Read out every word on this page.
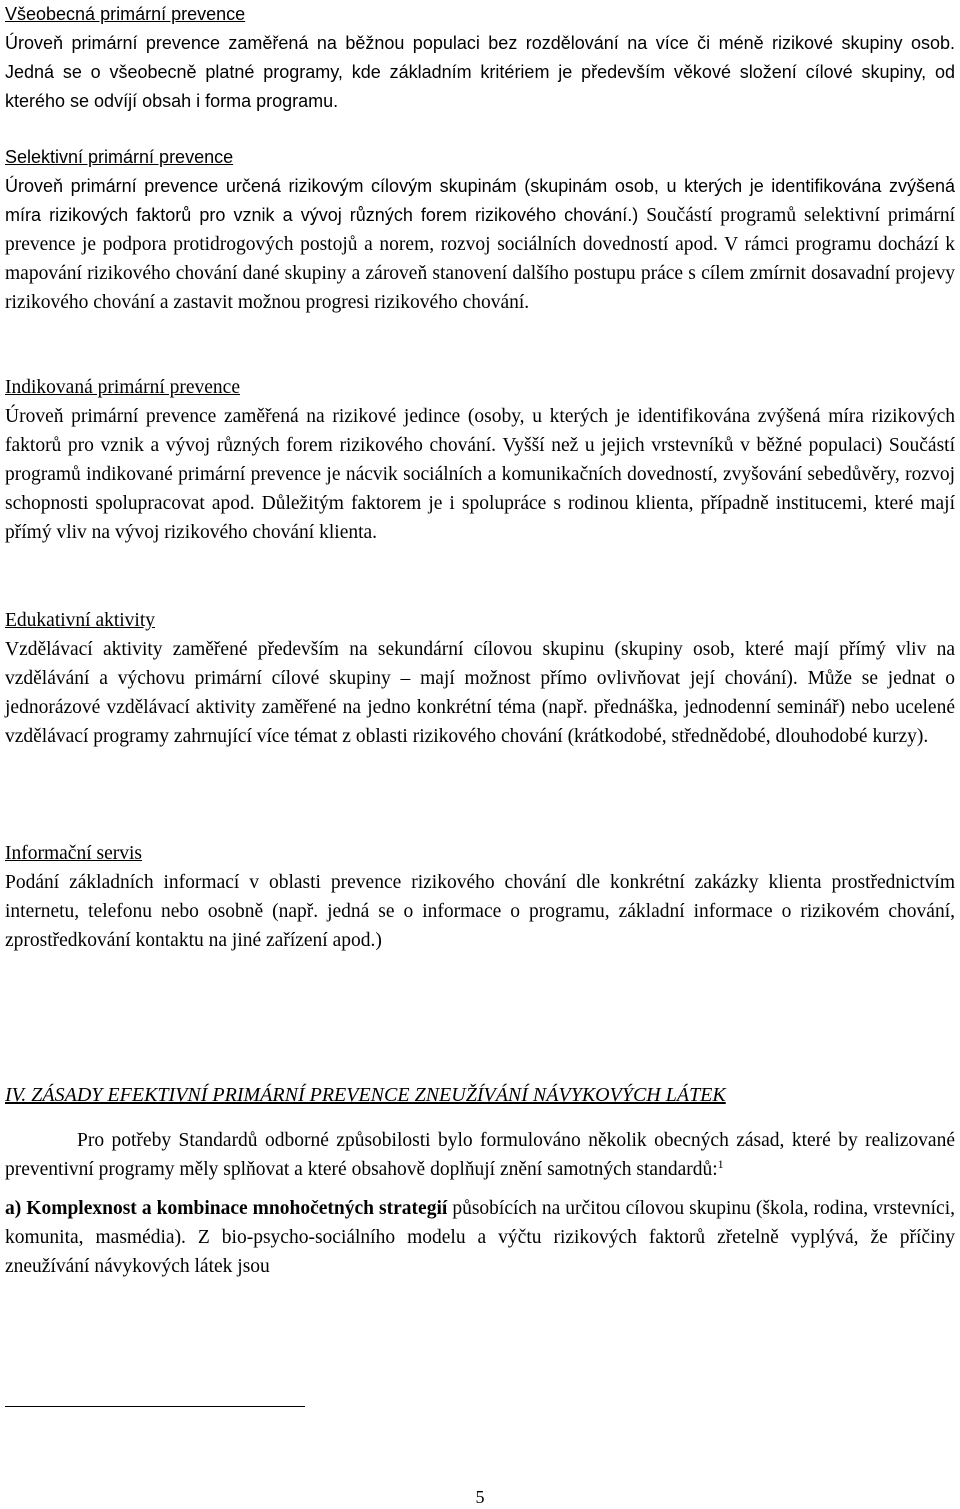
Všeobecná primární prevence

Úroveň primární prevence zaměřená na běžnou populaci bez rozdělování na více či méně rizikové skupiny osob. Jedná se o všeobecně platné programy, kde základním kritériem je především věkové složení cílové skupiny, od kterého se odvíjí obsah i forma programu.

Selektivní primární prevence

Úroveň primární prevence určená rizikovým cílovým skupinám (skupinám osob, u kterých je identifikována zvýšená míra rizikových faktorů pro vznik a vývoj různých forem rizikového chování.) Součástí programů selektivní primární prevence je podpora protidrogových postojů a norem, rozvoj sociálních dovedností apod. V rámci programu dochází k mapování rizikového chování dané skupiny a zároveň stanovení dalšího postupu práce s cílem zmírnit dosavadní projevy rizikového chování a zastavit možnou progresi rizikového chování.

Indikovaná primární prevence

Úroveň primární prevence zaměřená na rizikové jedince (osoby, u kterých je identifikována zvýšená míra rizikových faktorů pro vznik a vývoj různých forem rizikového chování. Vyšší než u jejich vrstevníků v běžné populaci) Součástí programů indikované primární prevence je nácvik sociálních a komunikačních dovedností, zvyšování sebedůvěry, rozvoj schopnosti spolupracovat apod. Důležitým faktorem je i spolupráce s rodinou klienta, případně institucemi, které mají přímý vliv na vývoj rizikového chování klienta.

Edukativní aktivity

Vzdělávací aktivity zaměřené především na sekundární cílovou skupinu (skupiny osob, které mají přímý vliv na vzdělávání a výchovu primární cílové skupiny – mají možnost přímo ovlivňovat její chování). Může se jednat o jednorázové vzdělávací aktivity zaměřené na jedno konkrétní téma (např. přednáška, jednodenní seminář) nebo ucelené vzdělávací programy zahrnující více témat z oblasti rizikového chování (krátkodobé, střednědobé, dlouhodobé kurzy).

Informační servis

Podání základních informací v oblasti prevence rizikového chování dle konkrétní zakázky klienta prostřednictvím internetu, telefonu nebo osobně (např. jedná se o informace o programu, základní informace o rizikovém chování, zprostředkování kontaktu na jiné zařízení apod.)

IV. ZÁSADY EFEKTIVNÍ PRIMÁRNÍ PREVENCE ZNEUŽÍVÁNÍ NÁVYKOVÝCH LÁTEK

Pro potřeby Standardů odborné způsobilosti bylo formulováno několik obecných zásad, které by realizované preventivní programy měly splňovat a které obsahově doplňují znění samotných standardů:$^1$

a) Komplexnost a kombinace mnohočetných strategií působících na určitou cílovou skupinu (škola, rodina, vrstevníci, komunita, masmédia). Z bio-psycho-sociálního modelu a výčtu rizikových faktorů zřetelně vyplývá, že příčiny zneužívání návykových látek jsou

5
